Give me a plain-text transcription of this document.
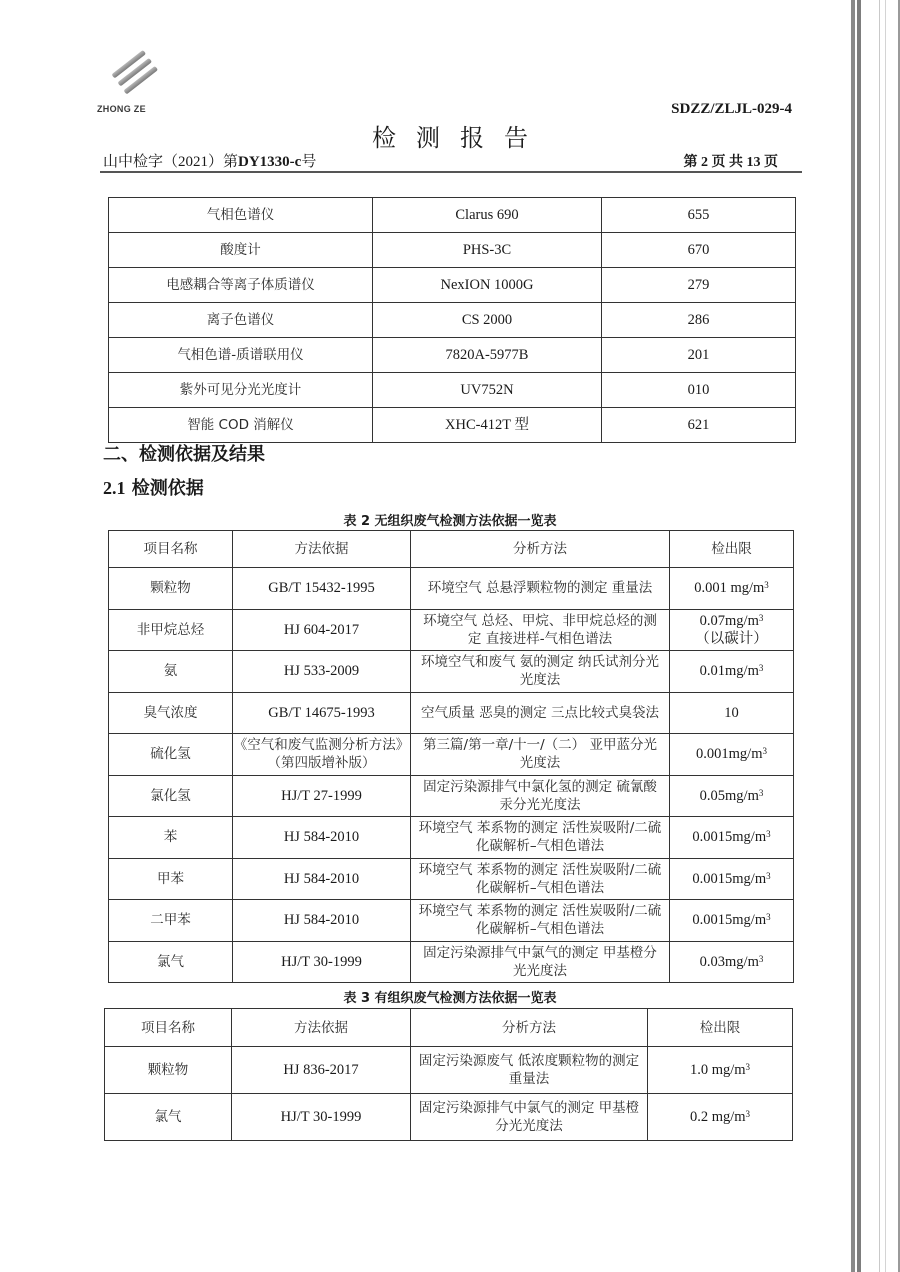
ZHONG ZE	SDZZ/ZLJL-029-4
检测报告
山中检字（2021）第DY1330-c号	第 2 页 共 13 页
气相色谱仪	Clarus 690	655
酸度计	PHS-3C	670
电感耦合等离子体质谱仪	NexION 1000G	279
离子色谱仪	CS 2000	286
气相色谱-质谱联用仪	7820A-5977B	201
紫外可见分光光度计	UV752N	010
智能 COD 消解仪	XHC-412T 型	621
二、检测依据及结果
2.1 检测依据
表 2 无组织废气检测方法依据一览表
项目名称	方法依据	分析方法	检出限
颗粒物	GB/T 15432-1995	环境空气 总悬浮颗粒物的测定 重量法	0.001 $mg/m^3$
非甲烷总烃	HJ 604-2017	环境空气 总烃、甲烷、非甲烷总烃的测定 直接进样-气相色谱法	$0.07mg/m^3$
（以碳计）
氨	HJ 533-2009	环境空气和废气 氨的测定 纳氏试剂分光光度法	$0.01mg/m^3$
臭气浓度	GB/T 14675-1993	空气质量 恶臭的测定 三点比较式臭袋法	10
硫化氢	《空气和废气监测分析方法》（第四版增补版）	第三篇/第一章/十一/（二） 亚甲蓝分光光度法	$0.001mg/m^3$
氯化氢	HJ/T 27-1999	固定污染源排气中氯化氢的测定 硫氰酸汞分光光度法	$0.05mg/m^3$
苯	HJ 584-2010	环境空气 苯系物的测定 活性炭吸附/二硫化碳解析–气相色谱法	$0.0015mg/m^3$
甲苯	HJ 584-2010	环境空气 苯系物的测定 活性炭吸附/二硫化碳解析–气相色谱法	$0.0015mg/m^3$
二甲苯	HJ 584-2010	环境空气 苯系物的测定 活性炭吸附/二硫化碳解析–气相色谱法	$0.0015mg/m^3$
氯气	HJ/T 30-1999	固定污染源排气中氯气的测定 甲基橙分光光度法	$0.03mg/m^3$
表 3 有组织废气检测方法依据一览表
项目名称	方法依据	分析方法	检出限
颗粒物	HJ 836-2017	固定污染源废气 低浓度颗粒物的测定 重量法	1.0 $mg/m^3$
氯气	HJ/T 30-1999	固定污染源排气中氯气的测定 甲基橙分光光度法	0.2 $mg/m^3$
